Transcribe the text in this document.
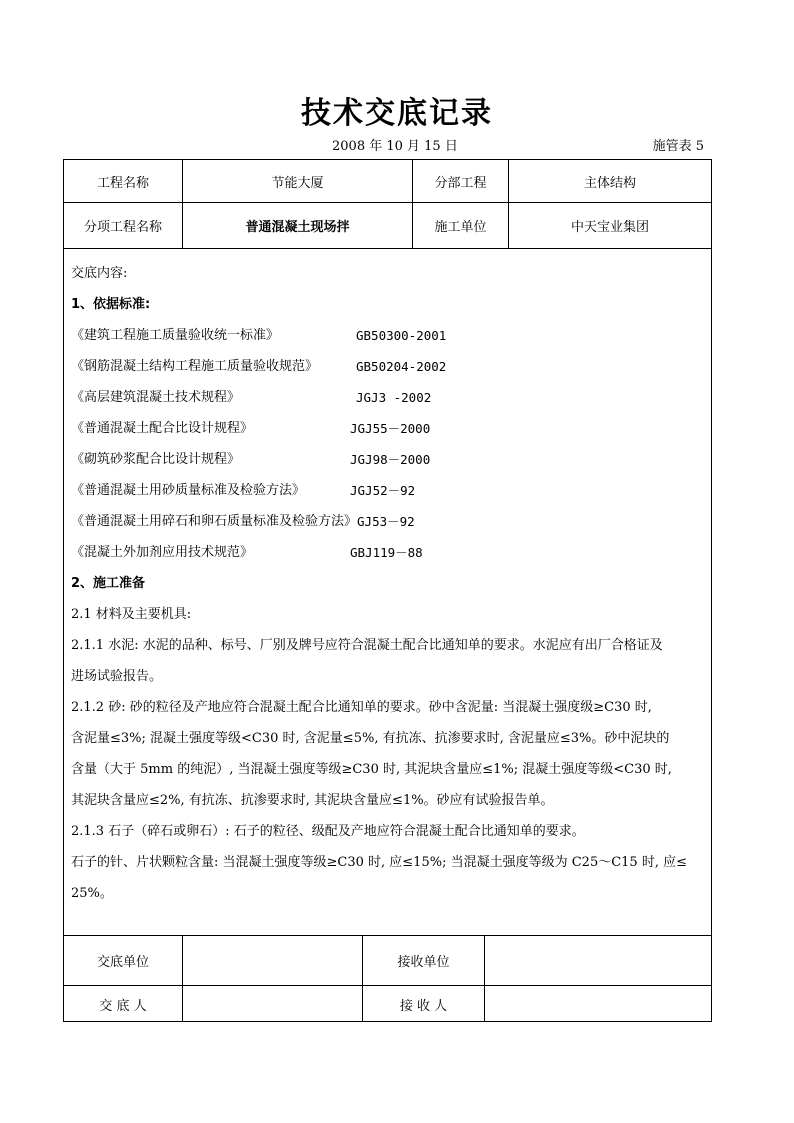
技术交底记录
2008 年 10 月 15 日	施管表 5
工程名称	节能大厦	分部工程	主体结构
分项工程名称	普通混凝土现场拌	施工单位	中天宝业集团
交底内容:
1、依据标准:
《建筑工程施工质量验收统一标准》	GB50300-2001
《钢筋混凝土结构工程施工质量验收规范》	GB50204-2002
《高层建筑混凝土技术规程》	JGJ3 -2002
《普通混凝土配合比设计规程》	JGJ55－2000
《砌筑砂浆配合比设计规程》	JGJ98－2000
《普通混凝土用砂质量标准及检验方法》	JGJ52－92
《普通混凝土用碎石和卵石质量标准及检验方法》 GJ53－92
《混凝土外加剂应用技术规范》	GBJ119－88
2、施工准备
2.1 材料及主要机具:
2.1.1 水泥: 水泥的品种、标号、厂别及牌号应符合混凝土配合比通知单的要求。水泥应有出厂合格证及
进场试验报告。
2.1.2 砂: 砂的粒径及产地应符合混凝土配合比通知单的要求。砂中含泥量: 当混凝土强度级≥C30 时,
含泥量≤3%; 混凝土强度等级<C30 时, 含泥量≤5%, 有抗冻、抗渗要求时, 含泥量应≤3%。砂中泥块的
含量（大于 5mm 的纯泥）, 当混凝土强度等级≥C30 时, 其泥块含量应≤1%; 混凝土强度等级<C30 时,
其泥块含量应≤2%, 有抗冻、抗渗要求时, 其泥块含量应≤1%。砂应有试验报告单。
2.1.3 石子（碎石或卵石）: 石子的粒径、级配及产地应符合混凝土配合比通知单的要求。
石子的针、片状颗粒含量: 当混凝土强度等级≥C30 时, 应≤15%; 当混凝土强度等级为 C25～C15 时, 应≤
25%。
交底单位	接收单位
交 底 人	接 收 人
